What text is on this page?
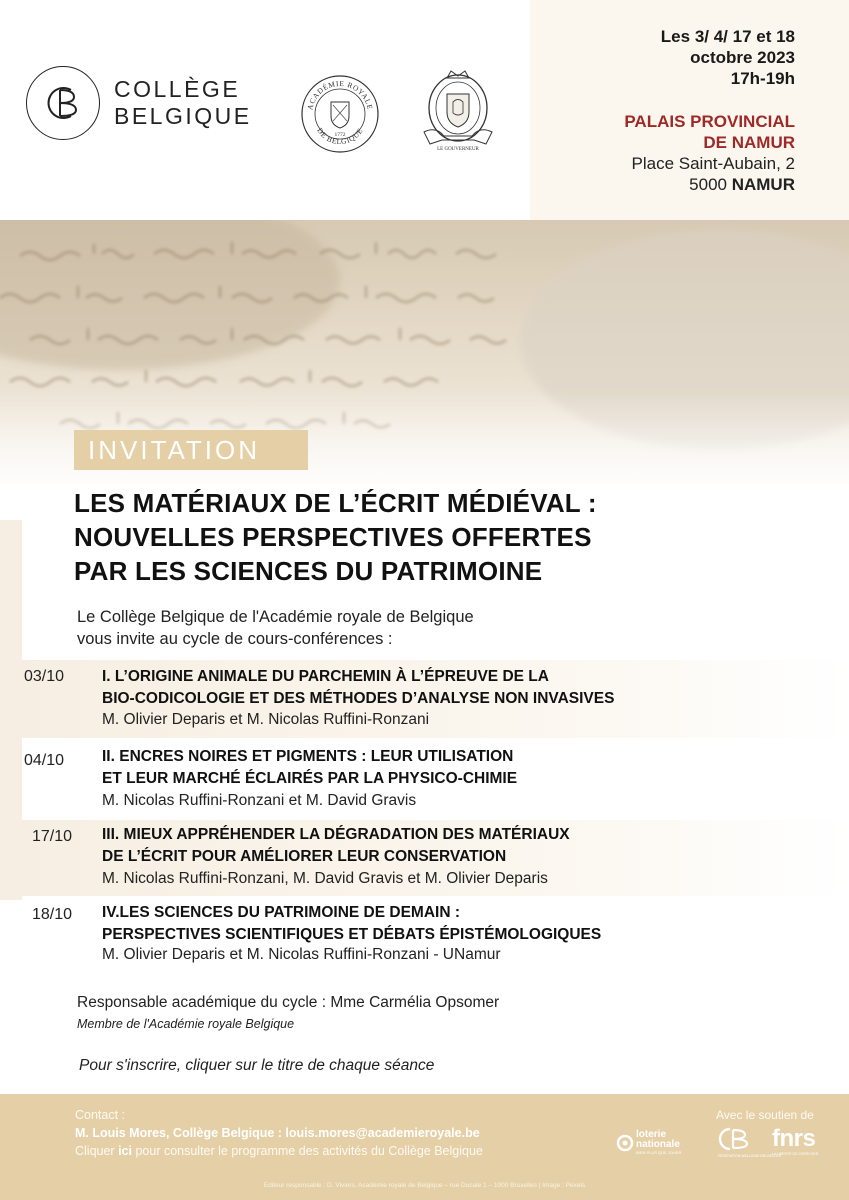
COLLÈGE
BELGIQUE	ACADÉMIE ROYALE
DE BELGIQUE
1772
LE GOUVERNEUR
Les 3/ 4/ 17 et 18
octobre 2023
17h-19h
PALAIS PROVINCIAL
DE NAMUR
Place Saint-Aubain, 2
5000 NAMUR
INVITATION
LES MATÉRIAUX DE L’ÉCRIT MÉDIÉVAL :
NOUVELLES PERSPECTIVES OFFERTES
PAR LES SCIENCES DU PATRIMOINE
Le Collège Belgique de l'Académie royale de Belgique
vous invite au cycle de cours-conférences :
03/10 I. L’ORIGINE ANIMALE DU PARCHEMIN À L’ÉPREUVE DE LA
BIO-CODICOLOGIE ET DES MÉTHODES D’ANALYSE NON INVASIVES
M. Olivier Deparis et M. Nicolas Ruffini-Ronzani
04/10 II. ENCRES NOIRES ET PIGMENTS : LEUR UTILISATION
ET LEUR MARCHÉ ÉCLAIRÉS PAR LA PHYSICO-CHIMIE
M. Nicolas Ruffini-Ronzani et M. David Gravis
17/10 III. MIEUX APPRÉHENDER LA DÉGRADATION DES MATÉRIAUX
DE L’ÉCRIT POUR AMÉLIORER LEUR CONSERVATION
M. Nicolas Ruffini-Ronzani, M. David Gravis et M. Olivier Deparis
18/10 IV.LES SCIENCES DU PATRIMOINE DE DEMAIN :
PERSPECTIVES SCIENTIFIQUES ET DÉBATS ÉPISTÉMOLOGIQUES
M. Olivier Deparis et M. Nicolas Ruffini-Ronzani - UNamur
Responsable académique du cycle : Mme Carmélia Opsomer
Membre de l'Académie royale Belgique
Pour s'inscrire, cliquer sur le titre de chaque séance
Contact :
M. Louis Mores, Collège Belgique : louis.mores@academieroyale.be
Cliquer ici pour consulter le programme des activités du Collège Belgique
Avec le soutien de
loterie
nationale
BIEN PLUS QUE JOUER
FÉDÉRATION WALLONIE-BRUXELLES
fnrs
LA LIBERTÉ DE CHERCHER
Editeur responsable : D. Viviers, Académie royale de Belgique – rue Ducale 1 – 1000 Bruxelles | Image : Pexels
